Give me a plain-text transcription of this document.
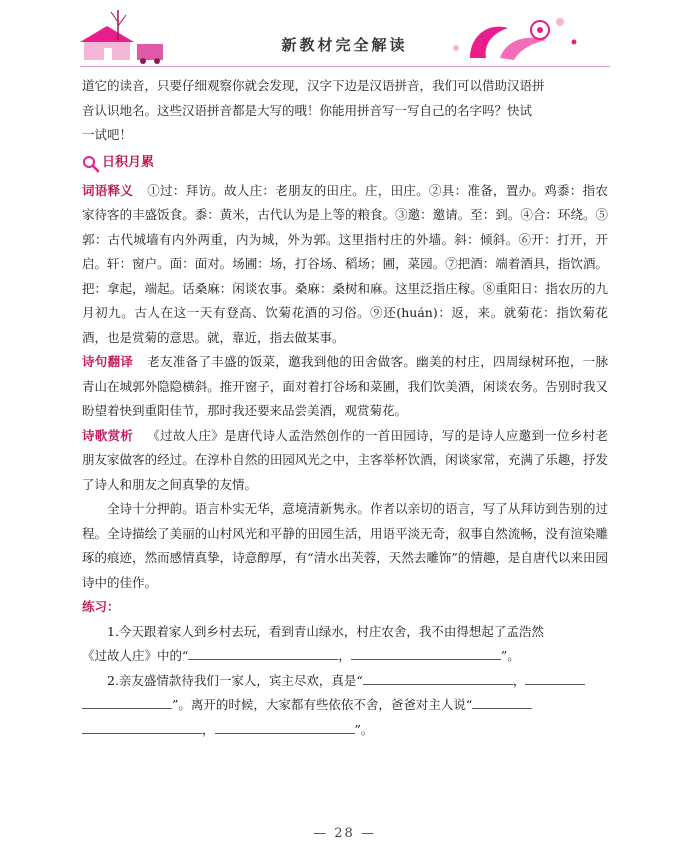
新教材完全解读

道它的读音，只要仔细观察你就会发现，汉字下边是汉语拼音，我们可以借助汉语拼

音认识地名。这些汉语拼音都是大写的哦！你能用拼音写一写自己的名字吗？快试

一试吧！

日积月累

词语释义 ①过：拜访。故人庄：老朋友的田庄。庄，田庄。②具：准备，置办。鸡黍：指农家待客的丰盛饭食。黍：黄米，古代认为是上等的粮食。③邀：邀请。至：到。④合：环绕。⑤郭：古代城墙有内外两重，内为城，外为郭。这里指村庄的外墙。斜：倾斜。⑥开：打开，开启。轩：窗户。面：面对。场圃：场，打谷场、稻场；圃，菜园。⑦把酒：端着酒具，指饮酒。把：拿起，端起。话桑麻：闲谈农事。桑麻：桑树和麻。这里泛指庄稼。⑧重阳日：指农历的九月初九。古人在这一天有登高、饮菊花酒的习俗。⑨还(huán)：返，来。就菊花：指饮菊花酒，也是赏菊的意思。就，靠近，指去做某事。

诗句翻译 老友准备了丰盛的饭菜，邀我到他的田舍做客。幽美的村庄，四周绿树环抱，一脉青山在城郭外隐隐横斜。推开窗子，面对着打谷场和菜圃，我们饮美酒，闲谈农务。告别时我又盼望着快到重阳佳节，那时我还要来品尝美酒，观赏菊花。

诗歌赏析 《过故人庄》是唐代诗人孟浩然创作的一首田园诗，写的是诗人应邀到一位乡村老朋友家做客的经过。在淳朴自然的田园风光之中，主客举杯饮酒，闲谈家常，充满了乐趣，抒发了诗人和朋友之间真挚的友情。

全诗十分押韵。语言朴实无华，意境清新隽永。作者以亲切的语言，写了从拜访到告别的过程。全诗描绘了美丽的山村风光和平静的田园生活，用语平淡无奇，叙事自然流畅，没有渲染雕琢的痕迹，然而感情真挚，诗意醇厚，有“清水出芙蓉，天然去雕饰”的情趣，是自唐代以来田园诗中的佳作。

练习：

1.今天跟着家人到乡村去玩，看到青山绿水，村庄农舍，我不由得想起了孟浩然

《过故人庄》中的“	，	”。

2.亲友盛情款待我们一家人，宾主尽欢，真是“	，

”。离开的时候，大家都有些依依不舍，爸爸对主人说“

，	”。

— 28 —
